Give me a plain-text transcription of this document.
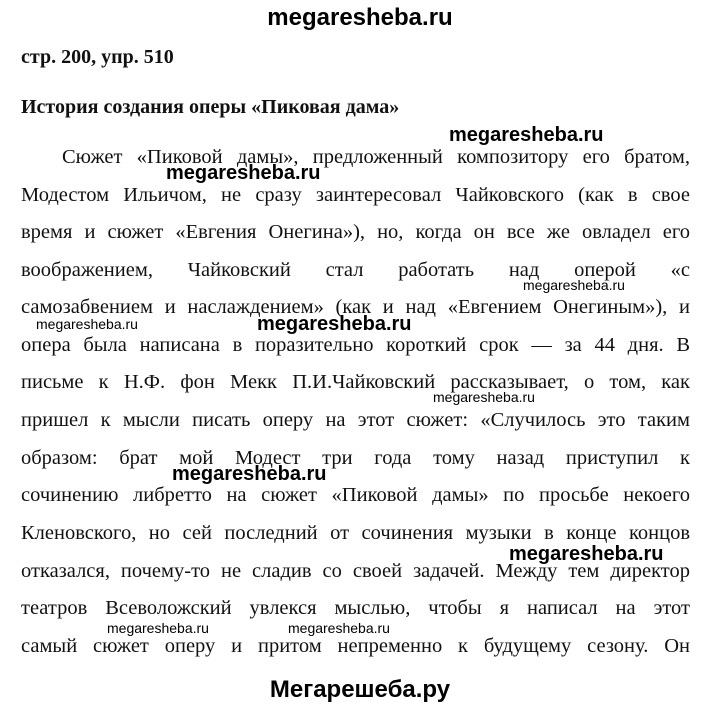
megaresheba.ru
стр. 200, упр. 510
История создания оперы «Пиковая дама»
Сюжет «Пиковой дамы», предложенный композитору его братом,
Модестом Ильичом, не сразу заинтересовал Чайковского (как в свое
время и сюжет «Евгения Онегина»), но, когда он все же овладел его
воображением, Чайковский стал работать над оперой «с
самозабвением и наслаждением» (как и над «Евгением Онегиным»), и
опера была написана в поразительно короткий срок — за 44 дня. В
письме к Н.Ф. фон Мекк П.И.Чайковский рассказывает, о том, как
пришел к мысли писать оперу на этот сюжет: «Случилось это таким
образом: брат мой Модест три года тому назад приступил к
сочинению либретто на сюжет «Пиковой дамы» по просьбе некоего
Кленовского, но сей последний от сочинения музыки в конце концов
отказался, почему-то не сладив со своей задачей. Между тем директор
театров Всеволожский увлекся мыслью, чтобы я написал на этот
самый сюжет оперу и притом непременно к будущему сезону. Он
megaresheba.ru
megaresheba.ru
megaresheba.ru
megaresheba.ru	megaresheba.ru
megaresheba.ru
megaresheba.ru
megaresheba.ru
megaresheba.ru	megaresheba.ru
Мегарешеба.ру
